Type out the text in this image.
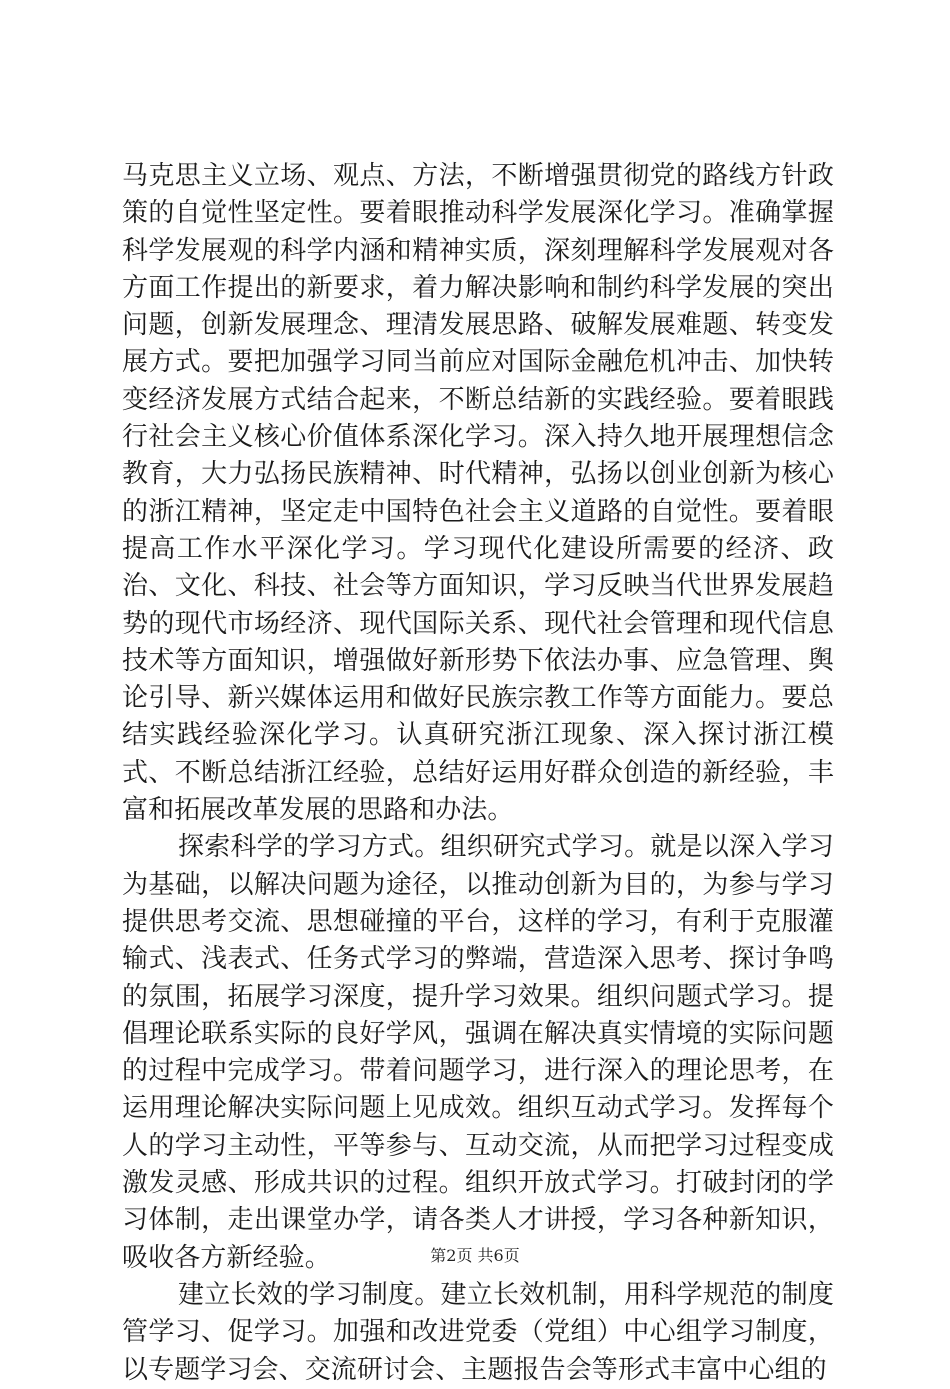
马克思主义立场、观点、方法，不断增强贯彻党的路线方针政策的自觉性坚定性。要着眼推动科学发展深化学习。准确掌握科学发展观的科学内涵和精神实质，深刻理解科学发展观对各方面工作提出的新要求，着力解决影响和制约科学发展的突出问题，创新发展理念、理清发展思路、破解发展难题、转变发展方式。要把加强学习同当前应对国际金融危机冲击、加快转变经济发展方式结合起来，不断总结新的实践经验。要着眼践行社会主义核心价值体系深化学习。深入持久地开展理想信念教育，大力弘扬民族精神、时代精神，弘扬以创业创新为核心的浙江精神，坚定走中国特色社会主义道路的自觉性。要着眼提高工作水平深化学习。学习现代化建设所需要的经济、政治、文化、科技、社会等方面知识，学习反映当代世界发展趋势的现代市场经济、现代国际关系、现代社会管理和现代信息技术等方面知识，增强做好新形势下依法办事、应急管理、舆论引导、新兴媒体运用和做好民族宗教工作等方面能力。要总结实践经验深化学习。认真研究浙江现象、深入探讨浙江模式、不断总结浙江经验，总结好运用好群众创造的新经验，丰富和拓展改革发展的思路和办法。

探索科学的学习方式。组织研究式学习。就是以深入学习为基础，以解决问题为途径，以推动创新为目的，为参与学习提供思考交流、思想碰撞的平台，这样的学习，有利于克服灌输式、浅表式、任务式学习的弊端，营造深入思考、探讨争鸣的氛围，拓展学习深度，提升学习效果。组织问题式学习。提倡理论联系实际的良好学风，强调在解决真实情境的实际问题的过程中完成学习。带着问题学习，进行深入的理论思考，在运用理论解决实际问题上见成效。组织互动式学习。发挥每个人的学习主动性，平等参与、互动交流，从而把学习过程变成激发灵感、形成共识的过程。组织开放式学习。打破封闭的学习体制，走出课堂办学，请各类人才讲授，学习各种新知识，吸收各方新经验。

建立长效的学习制度。建立长效机制，用科学规范的制度管学习、促学习。加强和改进党委（党组）中心组学习制度，以专题学习会、交流研讨会、主题报告会等形式丰富中心组的

第2页 共6页
